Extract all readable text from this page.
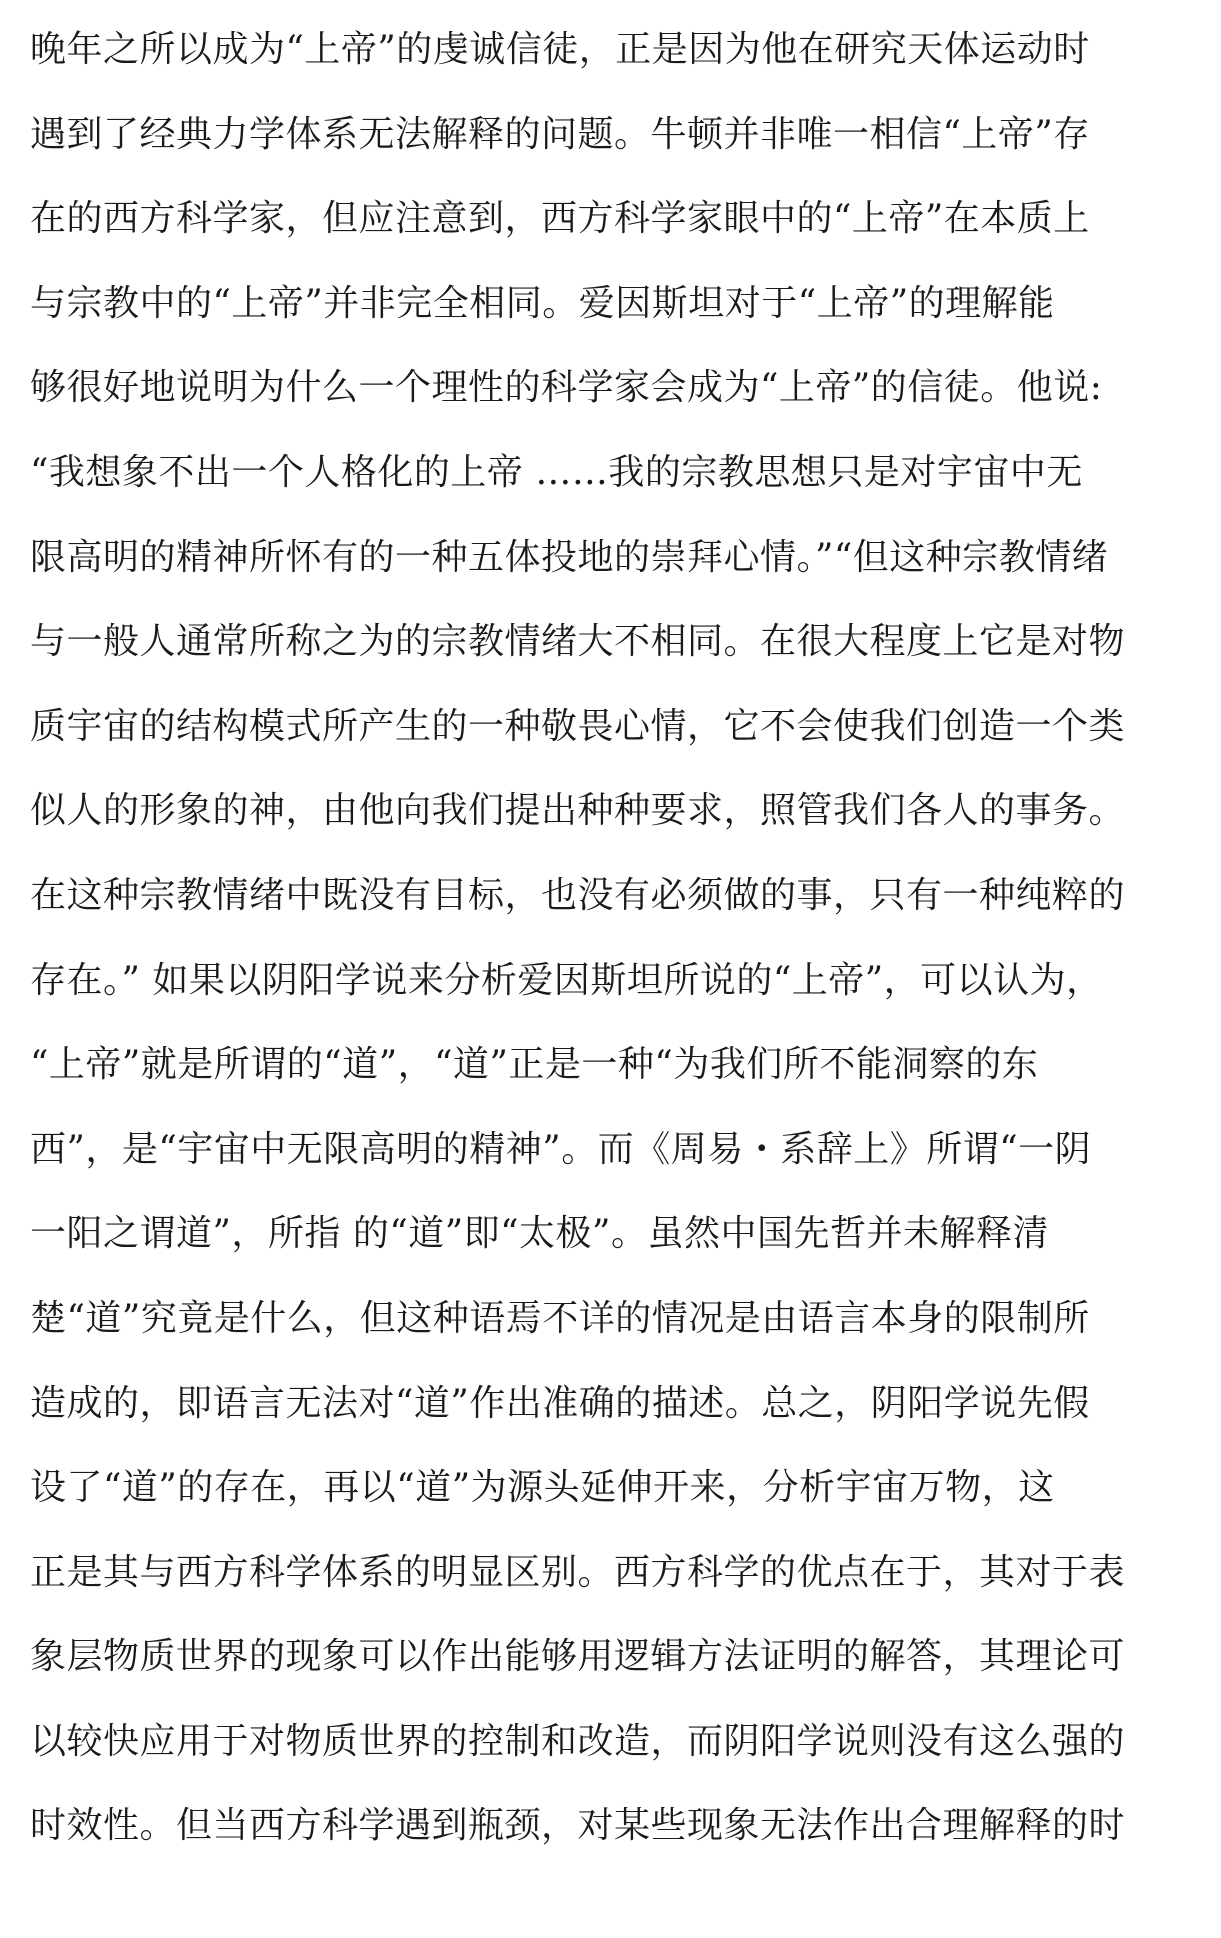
晚年之所以成为“上帝”的虔诚信徒，正是因为他在研究天体运动时
遇到了经典力学体系无法解释的问题。牛顿并非唯一相信“上帝”存
在的西方科学家，但应注意到，西方科学家眼中的“上帝”在本质上
与宗教中的“上帝”并非完全相同。爱因斯坦对于“上帝”的理解能
够很好地说明为什么一个理性的科学家会成为“上帝”的信徒。他说:
“我想象不出一个人格化的上帝 ……我的宗教思想只是对宇宙中无
限高明的精神所怀有的一种五体投地的崇拜心情。”“但这种宗教情绪
与一般人通常所称之为的宗教情绪大不相同。在很大程度上它是对物
质宇宙的结构模式所产生的一种敬畏心情，它不会使我们创造一个类
似人的形象的神，由他向我们提出种种要求，照管我们各人的事务。
在这种宗教情绪中既没有目标，也没有必须做的事，只有一种纯粹的
存在。” 如果以阴阳学说来分析爱因斯坦所说的“上帝”，可以认为，
“上帝”就是所谓的“道”，“道”正是一种“为我们所不能洞察的东
西”，是“宇宙中无限高明的精神”。而《周易・系辞上》所谓“一阴
一阳之谓道”，所指 的“道”即“太极”。虽然中国先哲并未解释清
楚“道”究竟是什么，但这种语焉不详的情况是由语言本身的限制所
造成的，即语言无法对“道”作出准确的描述。总之，阴阳学说先假
设了“道”的存在，再以“道”为源头延伸开来，分析宇宙万物，这
正是其与西方科学体系的明显区别。西方科学的优点在于，其对于表
象层物质世界的现象可以作出能够用逻辑方法证明的解答，其理论可
以较快应用于对物质世界的控制和改造，而阴阳学说则没有这么强的
时效性。但当西方科学遇到瓶颈，对某些现象无法作出合理解释的时
